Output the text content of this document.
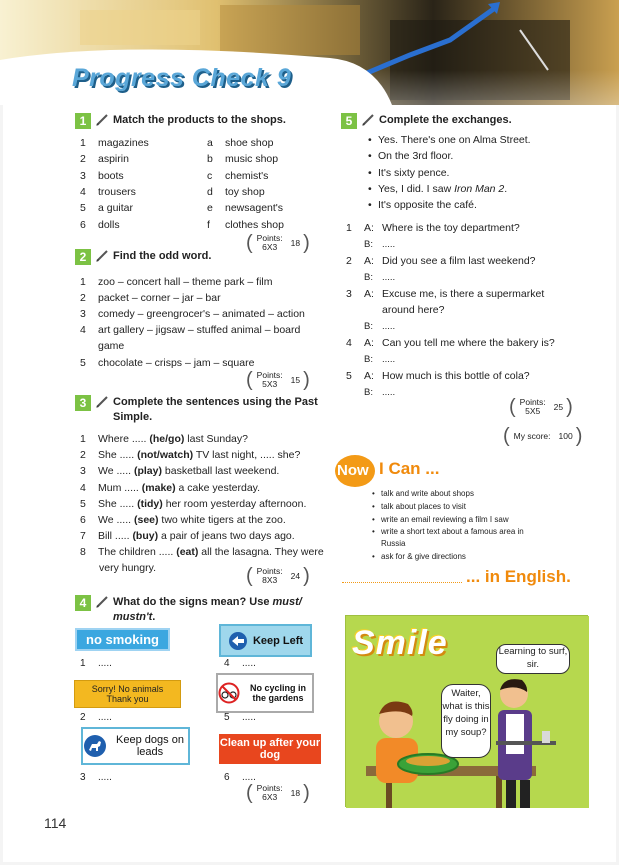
Progress Check 9
1	Match the products to the shops.
( Points:
6X3	18 )
2	Find the odd word.
( Points:
5X3	15 )
3	Complete the sentences using the Past
Simple.
very hungry.	( Points:
8X3	24 )
4	What do the signs mean? Use must/
mustn't.
no smoking	Keep Left
Sorry! No animals Thank you
No cycling in the gardens
Keep dogs on leads
Clean up after your dog
( Points:
6X3	18 )
5	Complete the exchanges.
• Yes, I did. I saw Iron Man 2.
• It's opposite the café.
( Points:
5X5	25 )
( My score: 100 )
Now I Can ...
... in English.
Smile	Learning to surf, sir.
Waiter, what is this fly doing in my soup?
114
1 magazines	a shoe shop
2 aspirin	b music shop
3 boots	c chemist's
4 trousers	d toy shop
5 a guitar	e newsagent's
6 dolls	f clothes shop
1 zoo – concert hall – theme park – film
2 packet – corner – jar – bar
3 comedy – greengrocer's – animated – action
4 art gallery – jigsaw – stuffed animal – board
game
5 chocolate – crisps – jam – square
1 Where ..... (he/go) last Sunday?
2 She ..... (not/watch) TV last night, ..... she?
3 We ..... (play) basketball last weekend.
4 Mum ..... (make) a cake yesterday.
5 She ..... (tidy) her room yesterday afternoon.
6 We ..... (see) two white tigers at the zoo.
7 Bill ..... (buy) a pair of jeans two days ago.
8 The children ..... (eat) all the lasagna. They were
1 .....	4 .....
2 .....	5 .....
3 .....	6 .....
• Yes. There's one on Alma Street.
• On the 3rd floor.
• It's sixty pence.
1 A: Where is the toy department?
B: .....
2 A: Did you see a film last weekend?
B: .....
3 A: Excuse me, is there a supermarket
around here?
B: .....
4 A: Can you tell me where the bakery is?
B: .....
5 A: How much is this bottle of cola?
B: .....
• talk and write about shops
• talk about places to visit
• write an email reviewing a film I saw
• write a short text about a famous area in
Russia
• ask for & give directions
